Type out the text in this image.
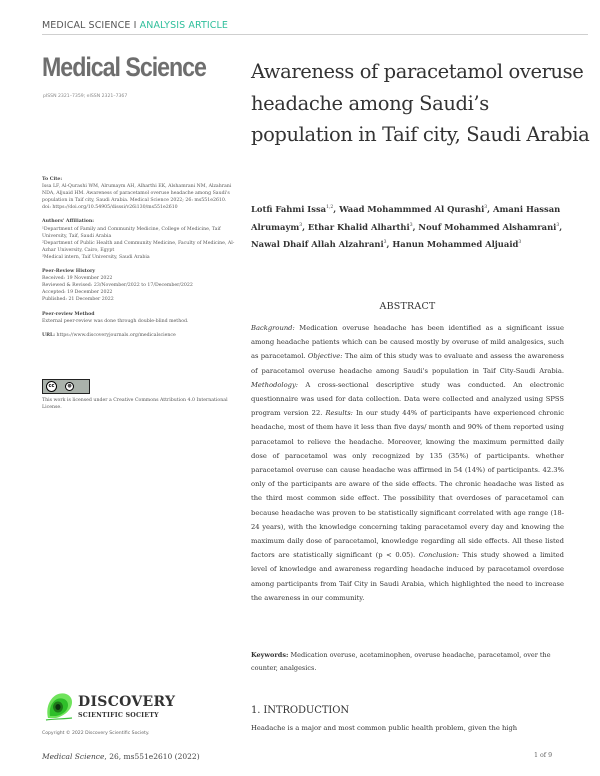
MEDICAL SCIENCE I ANALYSIS ARTICLE
Medical Science
pISSN 2321–7359; eISSN 2321–7367
To Cite:

Issa LF, Al-Qurashi WM, Alrumaym AH, Alharthi EK, Alshamrani NM, Alzahrani NDA, Aljuaid HM. Awareness of paracetamol overuse headache among Saudi's population in Taif city, Saudi Arabia. Medical Science 2022; 26: ms551e2610.

doi: https://doi.org/10.54905/disssi/v26i130/ms551e2610

Authors' Affiliation:

¹Department of Family and Community Medicine, College of Medicine, Taif University, Taif, Saudi Arabia

²Department of Public Health and Community Medicine, Faculty of Medicine, Al-Azhar University, Cairo, Egypt

³Medical intern, Taif University, Saudi Arabia

Peer-Review History

Received: 19 November 2022

Reviewed & Revised: 23/November/2022 to 17/December/2022

Accepted: 19 December 2022

Published: 21 December 2022

Peer-review Method

External peer-review was done through double-blind method.

URL: https://www.discoveryjournals.org/medicalscience

cc	●

This work is licensed under a Creative Commons Attribution 4.0 International License.

DISCOVERY
SCIENTIFIC SOCIETY
Copyright © 2022 Discovery Scientific Society.
Medical Science, 26, ms551e2610 (2022)	1 of 9
Awareness of paracetamol overuse headache among Saudi’s population in Taif city, Saudi Arabia
Lotfi Fahmi Issa$^{1,2}$, Waad Mohammmed Al Qurashi$^3$, Amani Hassan Alrumaym$^3$, Ethar Khalid Alharthi$^3$, Nouf Mohammed Alshamrani$^3$, Nawal Dhaif Allah Alzahrani$^3$, Hanun Mohammed Aljuaid$^3$
ABSTRACT
Background: Medication overuse headache has been identified as a significant issue among headache patients which can be caused mostly by overuse of mild analgesics, such as paracetamol. Objective: The aim of this study was to evaluate and assess the awareness of paracetamol overuse headache among Saudi's population in Taif City-Saudi Arabia. Methodology: A cross-sectional descriptive study was conducted. An electronic questionnaire was used for data collection. Data were collected and analyzed using SPSS program version 22. Results: In our study 44% of participants have experienced chronic headache, most of them have it less than five days/ month and 90% of them reported using paracetamol to relieve the headache. Moreover, knowing the maximum permitted daily dose of paracetamol was only recognized by 135 (35%) of participants. whether paracetamol overuse can cause headache was affirmed in 54 (14%) of participants. 42.3% only of the participants are aware of the side effects. The chronic headache was listed as the third most common side effect. The possibility that overdoses of paracetamol can because headache was proven to be statistically significant correlated with age range (18-24 years), with the knowledge concerning taking paracetamol every day and knowing the maximum daily dose of paracetamol, knowledge regarding all side effects. All these listed factors are statistically significant (p < 0.05). Conclusion: This study showed a limited level of knowledge and awareness regarding headache induced by paracetamol overdose among participants from Taif City in Saudi Arabia, which highlighted the need to increase the awareness in our community.
Keywords: Medication overuse, acetaminophen, overuse headache, paracetamol, over the counter, analgesics.
1. INTRODUCTION
Headache is a major and most common public health problem, given the high
